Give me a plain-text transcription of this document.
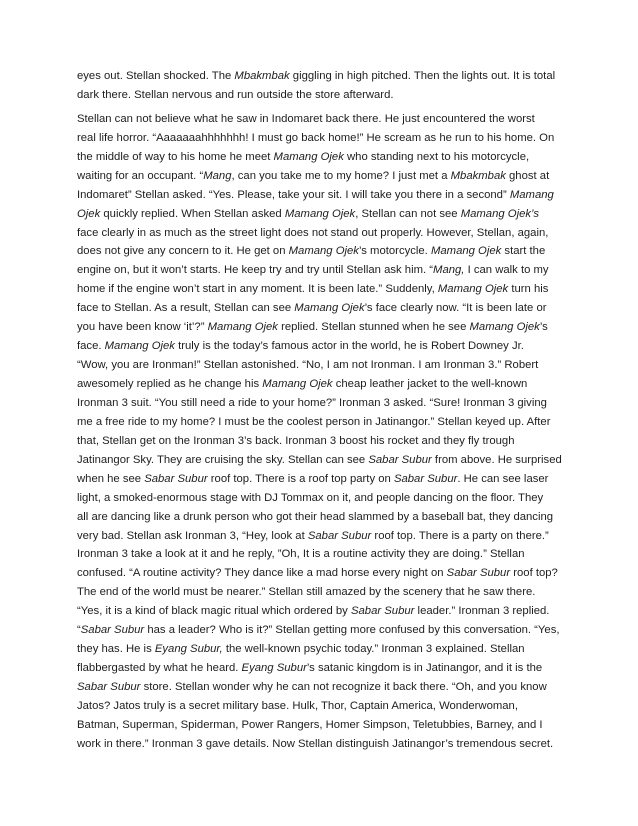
eyes out. Stellan shocked. The Mbakmbak giggling in high pitched. Then the lights out. It is total
dark there. Stellan nervous and run outside the store afterward.
Stellan can not believe what he saw in Indomaret back there. He just encountered the worst
real life horror. “Aaaaaaahhhhhhh! I must go back home!” He scream as he run to his home. On
the middle of way to his home he meet Mamang Ojek who standing next to his motorcycle,
waiting for an occupant. “Mang, can you take me to my home? I just met a Mbakmbak ghost at
Indomaret” Stellan asked. “Yes. Please, take your sit. I will take you there in a second” Mamang
Ojek quickly replied. When Stellan asked Mamang Ojek, Stellan can not see Mamang Ojek’s
face clearly in as much as the street light does not stand out properly. However, Stellan, again,
does not give any concern to it. He get on Mamang Ojek’s motorcycle. Mamang Ojek start the
engine on, but it won’t starts. He keep try and try until Stellan ask him. “Mang, I can walk to my
home if the engine won’t start in any moment. It is been late.” Suddenly, Mamang Ojek turn his
face to Stellan. As a result, Stellan can see Mamang Ojek’s face clearly now. “It is been late or
you have been know ‘it’?” Mamang Ojek replied. Stellan stunned when he see Mamang Ojek’s
face. Mamang Ojek truly is the today’s famous actor in the world, he is Robert Downey Jr.
“Wow, you are Ironman!” Stellan astonished. “No, I am not Ironman. I am Ironman 3.” Robert
awesomely replied as he change his Mamang Ojek cheap leather jacket to the well-known
Ironman 3 suit. “You still need a ride to your home?” Ironman 3 asked. “Sure! Ironman 3 giving
me a free ride to my home? I must be the coolest person in Jatinangor.” Stellan keyed up. After
that, Stellan get on the Ironman 3’s back. Ironman 3 boost his rocket and they fly trough
Jatinangor Sky. They are cruising the sky. Stellan can see Sabar Subur from above. He surprised
when he see Sabar Subur roof top. There is a roof top party on Sabar Subur. He can see laser
light, a smoked-enormous stage with DJ Tommax on it, and people dancing on the floor. They
all are dancing like a drunk person who got their head slammed by a baseball bat, they dancing
very bad. Stellan ask Ironman 3, “Hey, look at Sabar Subur roof top. There is a party on there.”
Ironman 3 take a look at it and he reply, ”Oh, It is a routine activity they are doing.” Stellan
confused. “A routine activity? They dance like a mad horse every night on Sabar Subur roof top?
The end of the world must be nearer.” Stellan still amazed by the scenery that he saw there.
“Yes, it is a kind of black magic ritual which ordered by Sabar Subur leader.” Ironman 3 replied.
“Sabar Subur has a leader? Who is it?” Stellan getting more confused by this conversation. “Yes,
they has. He is Eyang Subur, the well-known psychic today.” Ironman 3 explained. Stellan
flabbergasted by what he heard. Eyang Subur’s satanic kingdom is in Jatinangor, and it is the
Sabar Subur store. Stellan wonder why he can not recognize it back there. “Oh, and you know
Jatos? Jatos truly is a secret military base. Hulk, Thor, Captain America, Wonderwoman,
Batman, Superman, Spiderman, Power Rangers, Homer Simpson, Teletubbies, Barney, and I
work in there.” Ironman 3 gave details. Now Stellan distinguish Jatinangor’s tremendous secret.
